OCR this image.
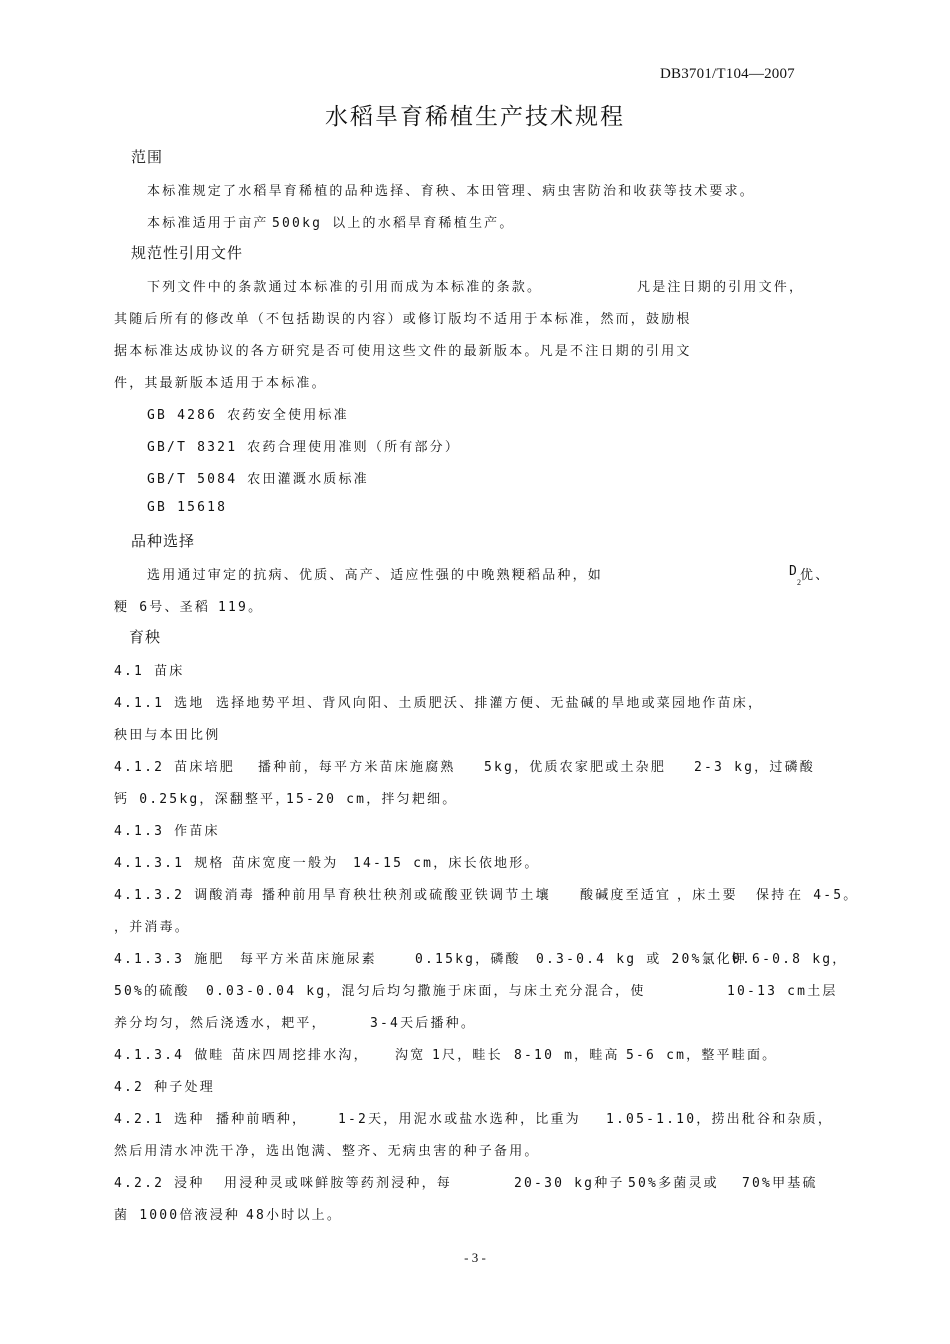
DB3701/T104—2007
水稻旱育稀植生产技术规程
范围
本标准规定了水稻旱育稀植的品种选择、育秧、本田管理、病虫害防治和收获等技术要求。
本标准适用于亩产 500kg 以上的水稻旱育稀植生产。
规范性引用文件
下列文件中的条款通过本标准的引用而成为本标准的条款。	凡是注日期的引用文件，
其随后所有的修改单（不包括勘误的内容）或修订版均不适用于本标准，然而，鼓励根
据本标准达成协议的各方研究是否可使用这些文件的最新版本。凡是不注日期的引用文
件，其最新版本适用于本标准。
GB 4286 农药安全使用标准
GB/T 8321 农药合理使用准则（所有部分）
GB/T 5084 农田灌溉水质标准
GB 15618
品种选择
选用通过审定的抗病、优质、高产、适应性强的中晚熟粳稻品种，如	D
2 优、
粳 6号、圣稻 119。
育秧
4.1 苗床
4.1.1 选地 选择地势平坦、背风向阳、土质肥沃、排灌方便、无盐碱的旱地或菜园地作苗床，
秧田与本田比例
4.1.2 苗床培肥 播种前，每平方米苗床施腐熟 5kg，优质农家肥或土杂肥 2-3 kg，过磷酸
钙 0.25kg，深翻整平，
15-20 cm，拌匀耙细。
4.1.3 作苗床
4.1.3.1 规格 苗床宽度一般为 14-15 cm，床长依地形。
4.1.3.2 调酸消毒 播种前用旱育秧壮秧剂或硫酸亚铁调节土壤 酸碱度至适宜 ，床土要 保持 在 4-5。
，并消毒。
4.1.3.3 施肥 每平方米苗床施尿素	0.15kg，磷酸 0.3-0.4 kg 或 20%氯化钾
0.6-0.8 kg，
50%的硫酸 0.03-0.04 kg，混匀后均匀撒施于床面，与床土充分混合，使	10-13 cm土层
养分均匀，然后浇透水，耙平，	3-4天后播种。
4.1.3.4 做畦 苗床四周挖排水沟， 沟宽 1尺，畦长 8-10 m，畦高 5-6 cm，整平畦面。
4.2 种子处理
4.2.1 选种 播种前晒种， 1-2天，用泥水或盐水选种，比重为 1.05-1.10，捞出秕谷和杂质，
然后用清水冲洗干净，选出饱满、整齐、无病虫害的种子备用。
4.2.2 浸种 用浸种灵或咪鲜胺等药剂浸种，每	20-30 kg种子 50%多菌灵或 70%甲基硫
菌 1000倍液浸种 48小时以上。
- 3 -
